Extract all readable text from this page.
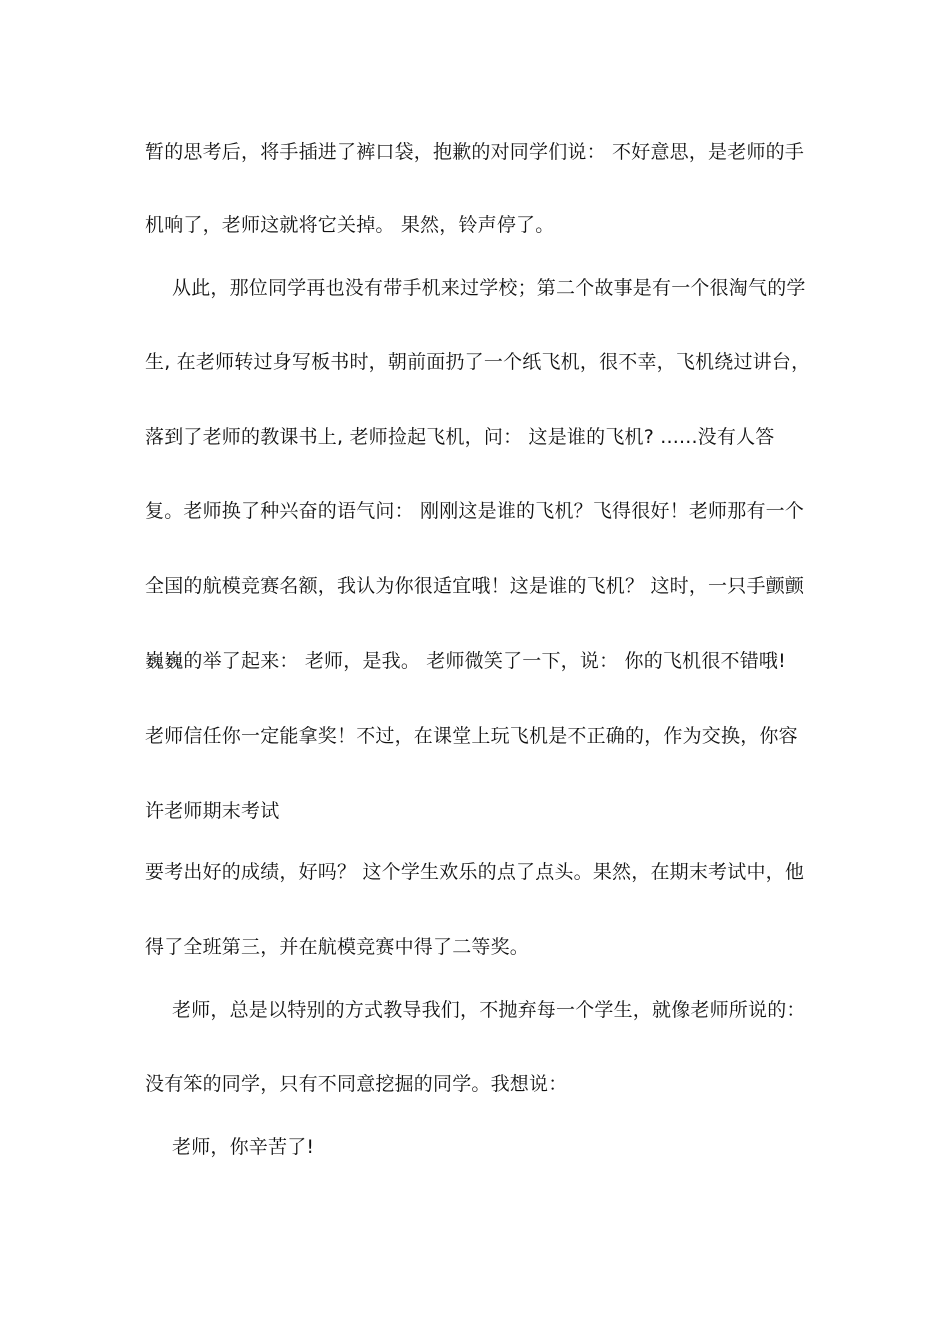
暂的思考后，将手插进了裤口袋，抱歉的对同学们说： 不好意思，是老师的手
机响了，老师这就将它关掉。 果然，铃声停了。
从此，那位同学再也没有带手机来过学校；第二个故事是有一个很淘气的学
生, 在老师转过身写板书时，朝前面扔了一个纸飞机，很不幸，飞机绕过讲台，
落到了老师的教课书上, 老师捡起飞机，问： 这是谁的飞机? ......没有人答
复。老师换了种兴奋的语气问： 刚刚这是谁的飞机？飞得很好！老师那有一个
全国的航模竞赛名额，我认为你很适宜哦！这是谁的飞机？ 这时，一只手颤颤
巍巍的举了起来： 老师，是我。 老师微笑了一下，说： 你的飞机很不错哦!
老师信任你一定能拿奖！不过，在课堂上玩飞机是不正确的，作为交换，你容
许老师期末考试
要考出好的成绩，好吗？ 这个学生欢乐的点了点头。果然，在期末考试中，他
得了全班第三，并在航模竞赛中得了二等奖。
老师，总是以特别的方式教导我们，不抛弃每一个学生，就像老师所说的：
没有笨的同学，只有不同意挖掘的同学。我想说：
老师，你辛苦了!
